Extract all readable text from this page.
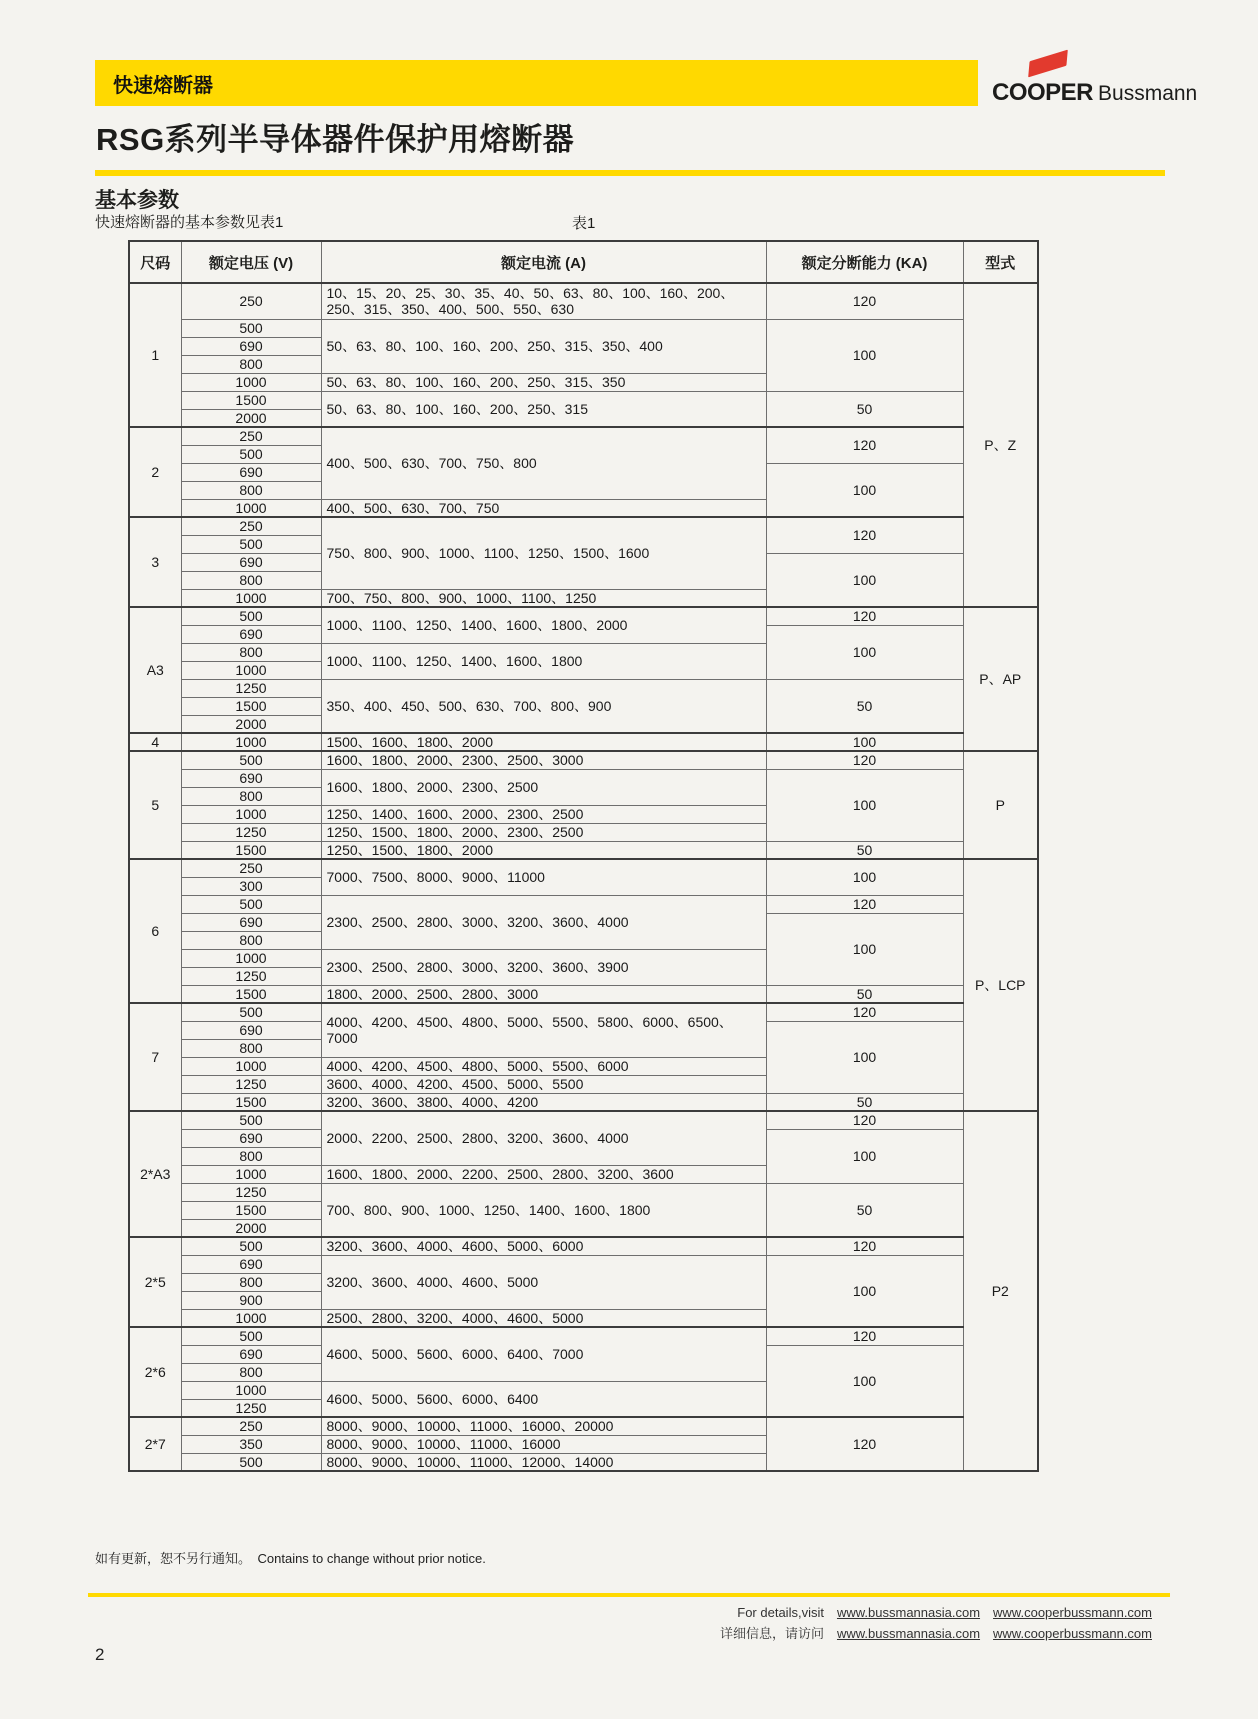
快速熔断器	COOPER Bussmann
RSG系列半导体器件保护用熔断器
基本参数
快速熔断器的基本参数见表1	表1
尺码	额定电压 (V)	额定电流 (A)	额定分断能力 (KA)	型式
1	250	10、15、20、25、30、35、40、50、63、80、100、160、200、250、315、350、400、500、550、630	120	P、Z
	500	50、63、80、100、160、200、250、315、350、400	100	
	690			
	800			
	1000	50、63、80、100、160、200、250、315、350		
	1500	50、63、80、100、160、200、250、315	50	
	2000			
2	250	400、500、630、700、750、800	120	
	500			
	690		100	
	800			
	1000	400、500、630、700、750		
3	250	750、800、900、1000、1100、1250、1500、1600	120	
	500			
	690		100	
	800			
	1000	700、750、800、900、1000、1100、1250		
A3	500	1000、1100、1250、1400、1600、1800、2000	120	P、AP
	690		100	
	800	1000、1100、1250、1400、1600、1800		
	1000			
	1250	350、400、450、500、630、700、800、900	50	
	1500			
	2000			
4	1000	1500、1600、1800、2000	100	
5	500	1600、1800、2000、2300、2500、3000	120	P
	690	1600、1800、2000、2300、2500	100	
	800			
	1000	1250、1400、1600、2000、2300、2500		
	1250	1250、1500、1800、2000、2300、2500		
	1500	1250、1500、1800、2000	50	
6	250	7000、7500、8000、9000、11000	100	P、LCP
	300			
	500	2300、2500、2800、3000、3200、3600、4000	120	
	690		100	
	800			
	1000	2300、2500、2800、3000、3200、3600、3900		
	1250			
	1500	1800、2000、2500、2800、3000	50	
7	500	4000、4200、4500、4800、5000、5500、5800、6000、6500、7000	120	
	690		100	
	800			
	1000	4000、4200、4500、4800、5000、5500、6000		
	1250	3600、4000、4200、4500、5000、5500		
	1500	3200、3600、3800、4000、4200	50	
2*A3	500	2000、2200、2500、2800、3200、3600、4000	120	P2
	690		100	
	800			
	1000	1600、1800、2000、2200、2500、2800、3200、3600		
	1250	700、800、900、1000、1250、1400、1600、1800	50	
	1500			
	2000			
2*5	500	3200、3600、4000、4600、5000、6000	120	
	690	3200、3600、4000、4600、5000	100	
	800			
	900			
	1000	2500、2800、3200、4000、4600、5000		
2*6	500	4600、5000、5600、6000、6400、7000	120	
	690		100	
	800			
	1000	4600、5000、5600、6000、6400		
	1250			
2*7	250	8000、9000、10000、11000、16000、20000	120	
	350	8000、9000、10000、11000、16000		
	500	8000、9000、10000、11000、12000、14000		
如有更新，恕不另行通知。　Contains to change without prior notice.
For details,visit www.bussmannasia.com www.cooperbussmann.com
详细信息，请访问 www.bussmannasia.com www.cooperbussmann.com
2
